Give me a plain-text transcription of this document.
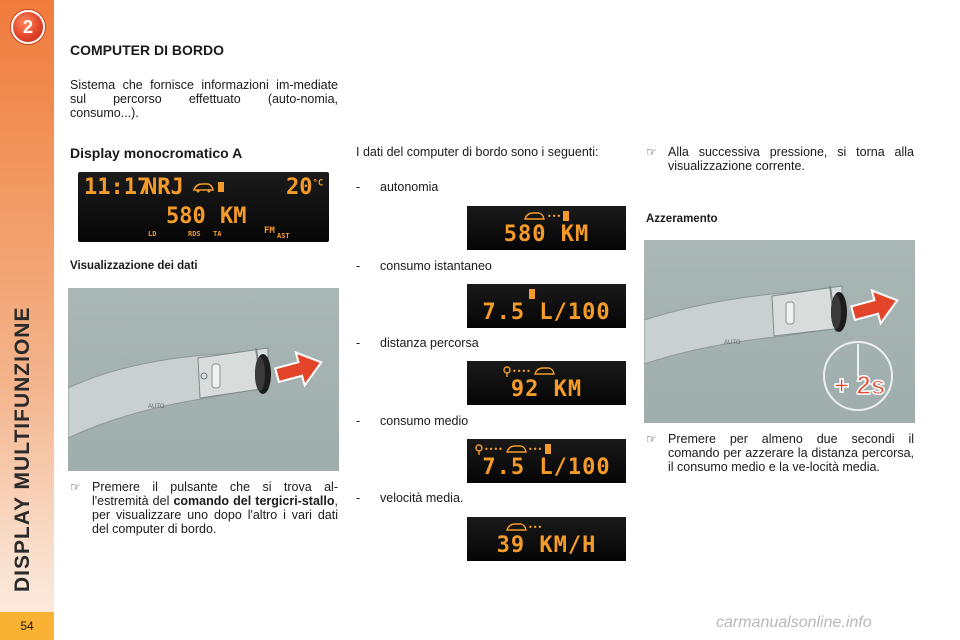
2
DISPLAY MULTIFUNZIONE
54
COMPUTER DI BORDO

Sistema che fornisce informazioni im-mediate sul percorso effettuato (auto-nomia, consumo...).

Display monocromatico A
11:17
NRJ	$20^{^\circ C}$
580 KM
LD	RDS TA	FM AST
Visualizzazione dei dati
AUTO
☞ Premere il pulsante che si trova al-l'estremità del comando del tergicri-stallo, per visualizzare uno dopo l'altro i vari dati del computer di bordo.

I dati del computer di bordo sono i seguenti:

- autonomia
•••
580 KM
- consumo istantaneo
7.5 L/100
- distanza percorsa
••••
92 KM
- consumo medio
••••	•••
7.5 L/100
- velocità media.
•••
39 KM/H
☞ Alla successiva pressione, si torna alla visualizzazione corrente.
Azzeramento
AUTO
+ 2s
☞ Premere per almeno due secondi il comando per azzerare la distanza percorsa, il consumo medio e la ve-locità media.
carmanualsonline.info
